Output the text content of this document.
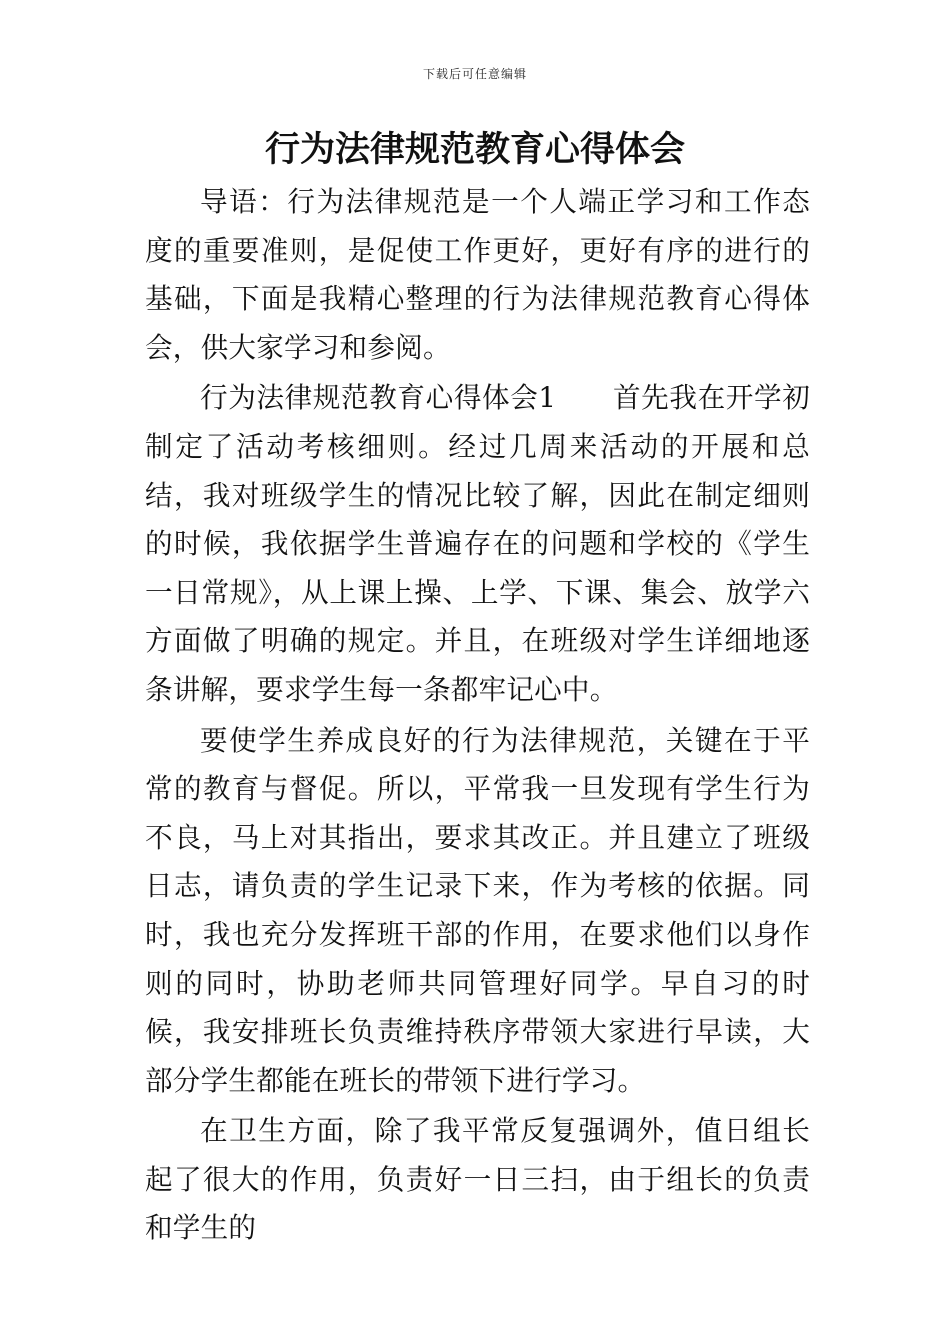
下载后可任意编辑
行为法律规范教育心得体会

导语：行为法律规范是一个人端正学习和工作态度的重要准则，是促使工作更好，更好有序的进行的基础，下面是我精心整理的行为法律规范教育心得体会，供大家学习和参阅。

行为法律规范教育心得体会1　　首先我在开学初制定了活动考核细则。经过几周来活动的开展和总结，我对班级学生的情况比较了解，因此在制定细则的时候，我依据学生普遍存在的问题和学校的《学生一日常规》，从上课上操、上学、下课、集会、放学六方面做了明确的规定。并且，在班级对学生详细地逐条讲解，要求学生每一条都牢记心中。

要使学生养成良好的行为法律规范，关键在于平常的教育与督促。所以，平常我一旦发现有学生行为不良，马上对其指出，要求其改正。并且建立了班级日志，请负责的学生记录下来，作为考核的依据。同时，我也充分发挥班干部的作用，在要求他们以身作则的同时，协助老师共同管理好同学。早自习的时候，我安排班长负责维持秩序带领大家进行早读，大部分学生都能在班长的带领下进行学习。

在卫生方面，除了我平常反复强调外，值日组长起了很大的作用，负责好一日三扫，由于组长的负责和学生的
